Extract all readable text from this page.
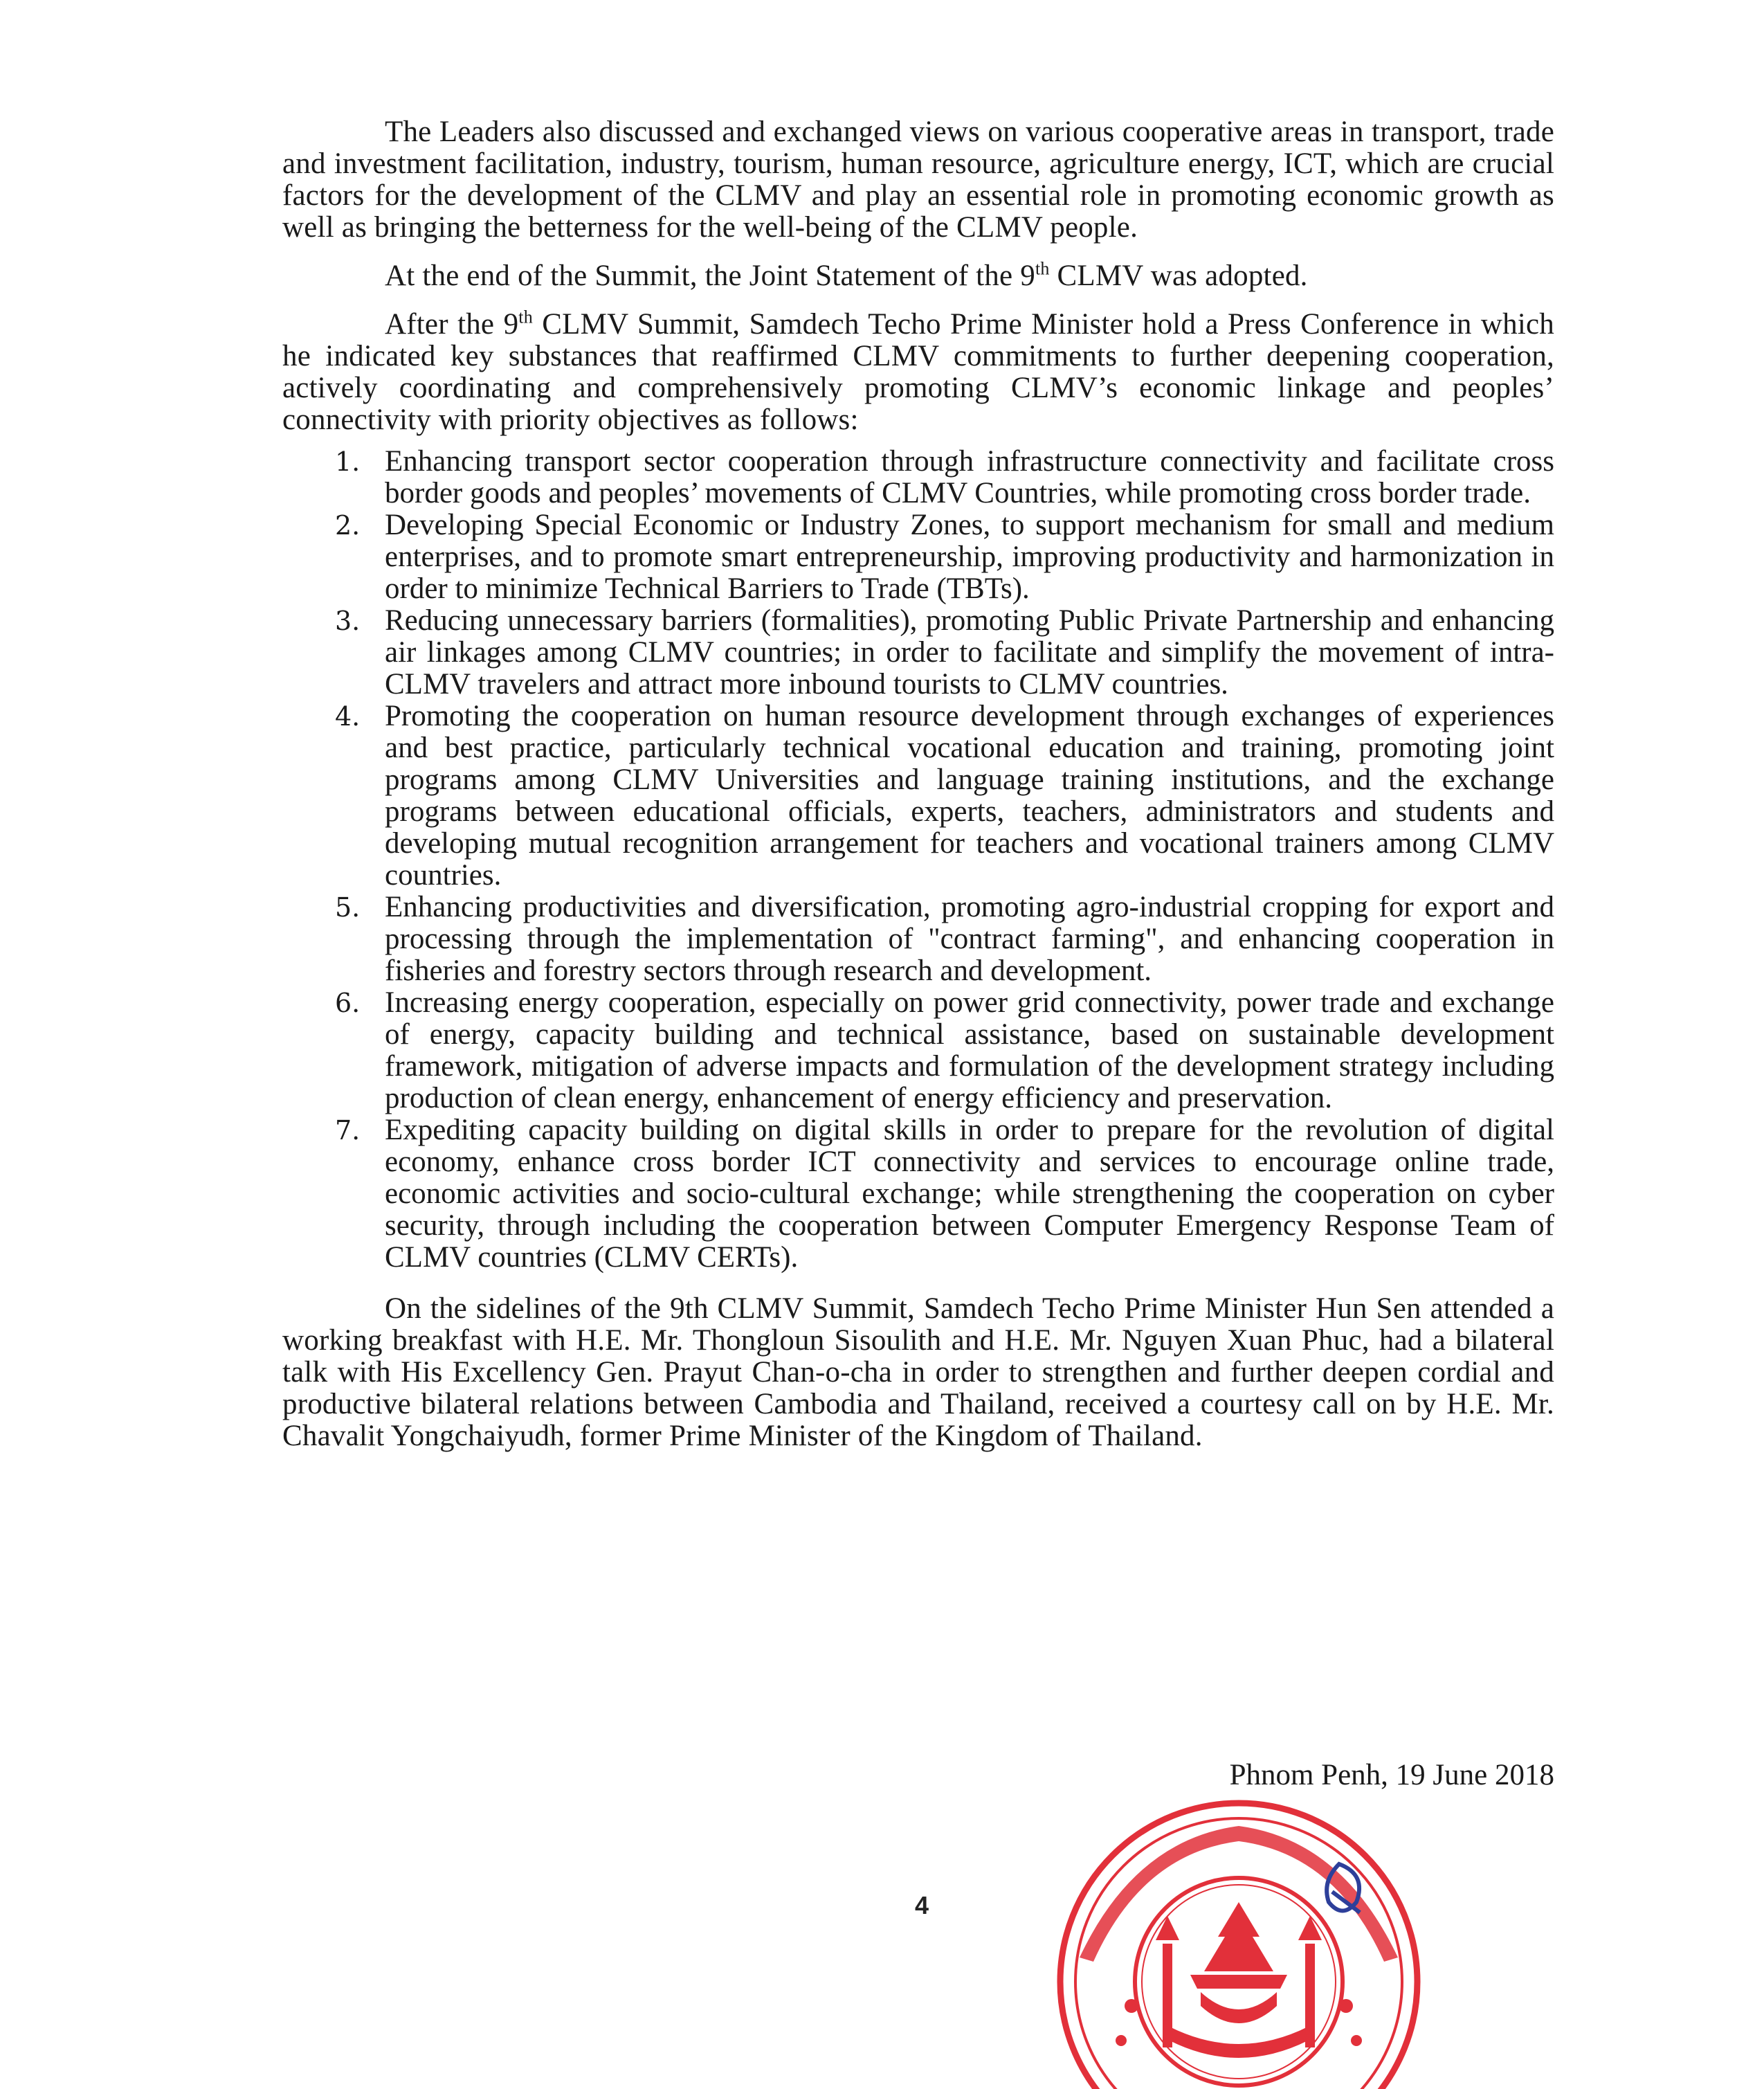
The Leaders also discussed and exchanged views on various cooperative areas in transport, trade and investment facilitation, industry, tourism, human resource, agriculture energy, ICT, which are crucial factors for the development of the CLMV and play an essential role in promoting economic growth as well as bringing the betterness for the well-being of the CLMV people.

At the end of the Summit, the Joint Statement of the 9th CLMV was adopted.

After the 9th CLMV Summit, Samdech Techo Prime Minister hold a Press Conference in which he indicated key substances that reaffirmed CLMV commitments to further deepening cooperation, actively coordinating and comprehensively promoting CLMV’s economic linkage and peoples’ connectivity with priority objectives as follows:

1. Enhancing transport sector cooperation through infrastructure connectivity and facilitate cross border goods and peoples’ movements of CLMV Countries, while promoting cross border trade.
2. Developing Special Economic or Industry Zones, to support mechanism for small and medium enterprises, and to promote smart entrepreneurship, improving productivity and harmonization in order to minimize Technical Barriers to Trade (TBTs).
3. Reducing unnecessary barriers (formalities), promoting Public Private Partnership and enhancing air linkages among CLMV countries; in order to facilitate and simplify the movement of intra-CLMV travelers and attract more inbound tourists to CLMV countries.
4. Promoting the cooperation on human resource development through exchanges of experiences and best practice, particularly technical vocational education and training, promoting joint programs among CLMV Universities and language training institutions, and the exchange programs between educational officials, experts, teachers, administrators and students and developing mutual recognition arrangement for teachers and vocational trainers among CLMV countries.
5. Enhancing productivities and diversification, promoting agro-industrial cropping for export and processing through the implementation of "contract farming", and enhancing cooperation in fisheries and forestry sectors through research and development.
6. Increasing energy cooperation, especially on power grid connectivity, power trade and exchange of energy, capacity building and technical assistance, based on sustainable development framework, mitigation of adverse impacts and formulation of the development strategy including production of clean energy, enhancement of energy efficiency and preservation.
7. Expediting capacity building on digital skills in order to prepare for the revolution of digital economy, enhance cross border ICT connectivity and services to encourage online trade, economic activities and socio-cultural exchange; while strengthening the cooperation on cyber security, through including the cooperation between Computer Emergency Response Team of CLMV countries (CLMV CERTs).

On the sidelines of the 9th CLMV Summit, Samdech Techo Prime Minister Hun Sen attended a working breakfast with H.E. Mr. Thongloun Sisoulith and H.E. Mr. Nguyen Xuan Phuc, had a bilateral talk with His Excellency Gen. Prayut Chan-o-cha in order to strengthen and further deepen cordial and productive bilateral relations between Cambodia and Thailand, received a courtesy call on by H.E. Mr. Chavalit Yongchaiyudh, former Prime Minister of the Kingdom of Thailand.

Phnom Penh, 19 June 2018
4
